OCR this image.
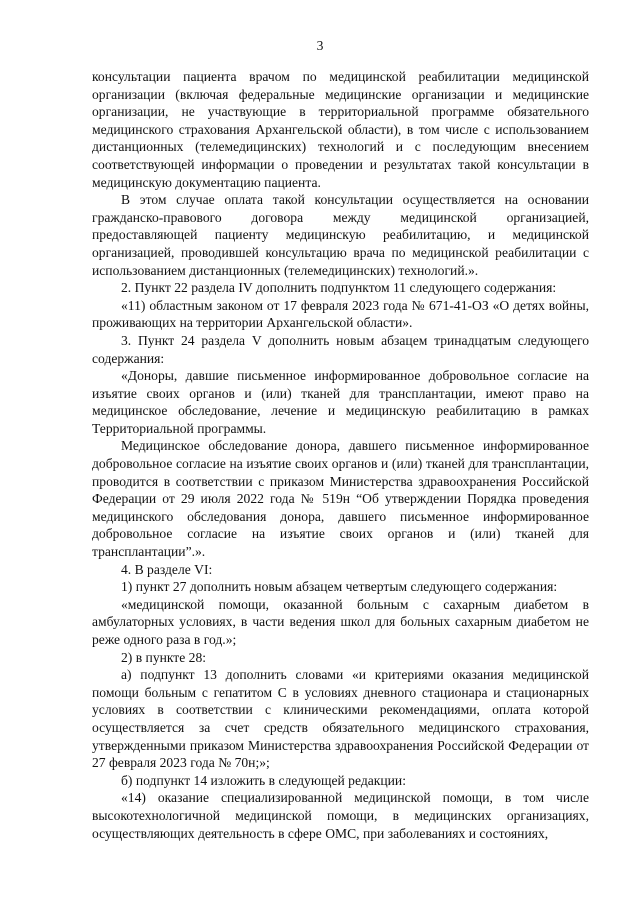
3

консультации пациента врачом по медицинской реабилитации медицинской организации (включая федеральные медицинские организации и медицинские организации, не участвующие в территориальной программе обязательного медицинского страхования Архангельской области), в том числе с использованием дистанционных (телемедицинских) технологий и с последующим внесением соответствующей информации о проведении и результатах такой консультации в медицинскую документацию пациента.

В этом случае оплата такой консультации осуществляется на основании гражданско-правового договора между медицинской организацией, предоставляющей пациенту медицинскую реабилитацию, и медицинской организацией, проводившей консультацию врача по медицинской реабилитации с использованием дистанционных (телемедицинских) технологий.».

2. Пункт 22 раздела IV дополнить подпунктом 11 следующего содержания:

«11) областным законом от 17 февраля 2023 года № 671-41-ОЗ «О детях войны, проживающих на территории Архангельской области».

3. Пункт 24 раздела V дополнить новым абзацем тринадцатым следующего содержания:

«Доноры, давшие письменное информированное добровольное согласие на изъятие своих органов и (или) тканей для трансплантации, имеют право на медицинское обследование, лечение и медицинскую реабилитацию в рамках Территориальной программы.

Медицинское обследование донора, давшего письменное информированное добровольное согласие на изъятие своих органов и (или) тканей для трансплантации, проводится в соответствии с приказом Министерства здравоохранения Российской Федерации от 29 июля 2022 года № 519н “Об утверждении Порядка проведения медицинского обследования донора, давшего письменное информированное добровольное согласие на изъятие своих органов и (или) тканей для трансплантации”.».

4. В разделе VI:

1) пункт 27 дополнить новым абзацем четвертым следующего содержания:

«медицинской помощи, оказанной больным с сахарным диабетом в амбулаторных условиях, в части ведения школ для больных сахарным диабетом не реже одного раза в год.»;

2) в пункте 28:

а) подпункт 13 дополнить словами «и критериями оказания медицинской помощи больным с гепатитом С в условиях дневного стационара и стационарных условиях в соответствии с клиническими рекомендациями, оплата которой осуществляется за счет средств обязательного медицинского страхования, утвержденными приказом Министерства здравоохранения Российской Федерации от 27 февраля 2023 года № 70н;»;

б) подпункт 14 изложить в следующей редакции:

«14) оказание специализированной медицинской помощи, в том числе высокотехнологичной медицинской помощи, в медицинских организациях, осуществляющих деятельность в сфере ОМС, при заболеваниях и состояниях,
